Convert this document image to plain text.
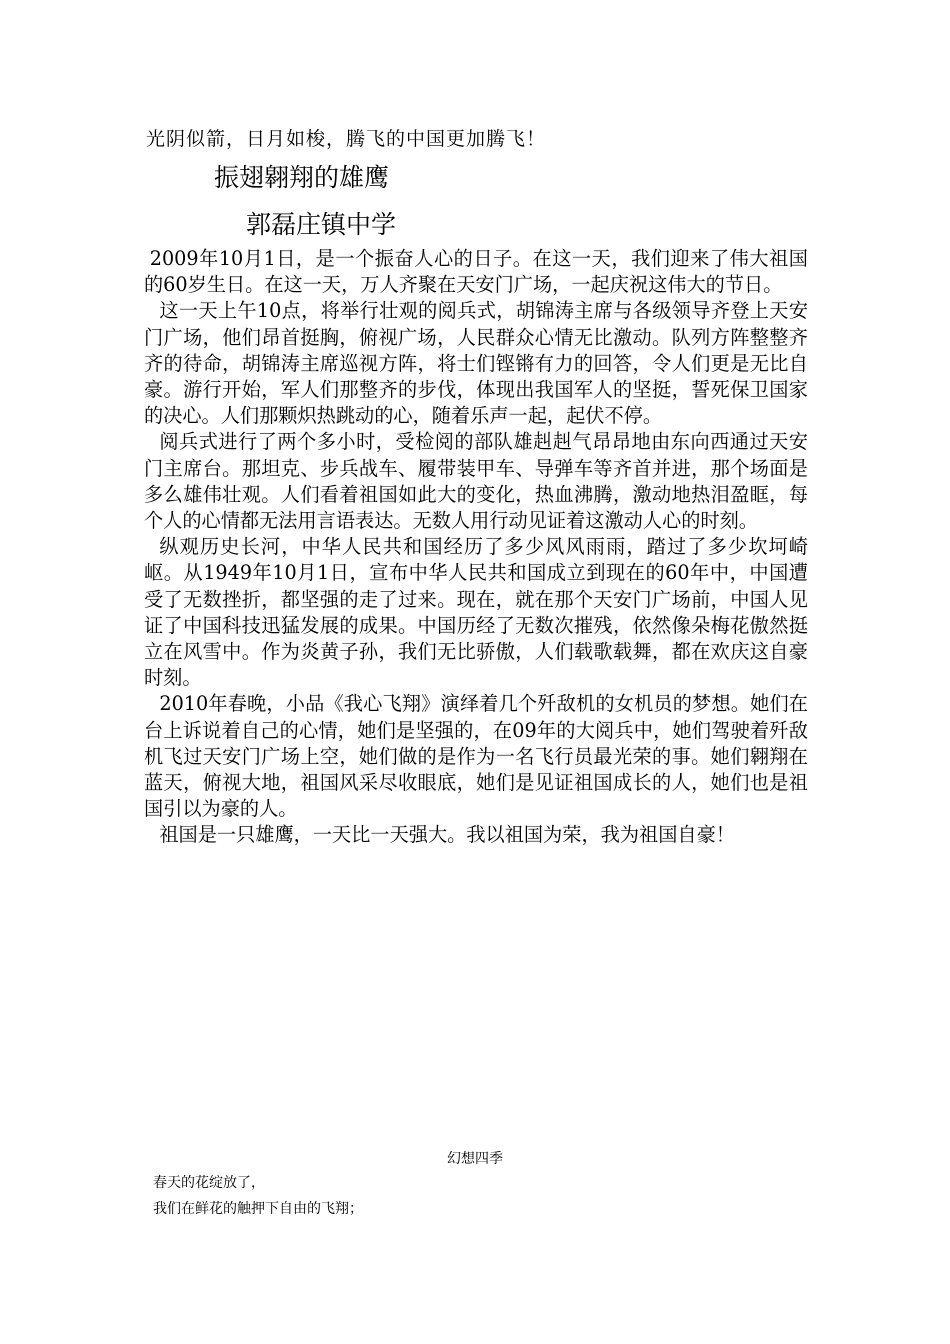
光阴似箭，日月如梭，腾飞的中国更加腾飞！
振翅翱翔的雄鹰
郭磊庄镇中学

2009年10月1日，是一个振奋人心的日子。在这一天，我们迎来了伟大祖国的60岁生日。在这一天，万人齐聚在天安门广场，一起庆祝这伟大的节日。

这一天上午10点，将举行壮观的阅兵式，胡锦涛主席与各级领导齐登上天安门广场，他们昂首挺胸，俯视广场，人民群众心情无比激动。队列方阵整整齐齐的待命，胡锦涛主席巡视方阵，将士们铿锵有力的回答，令人们更是无比自豪。游行开始，军人们那整齐的步伐，体现出我国军人的坚挺，誓死保卫国家的决心。人们那颗炽热跳动的心，随着乐声一起，起伏不停。

阅兵式进行了两个多小时，受检阅的部队雄赳赳气昂昂地由东向西通过天安门主席台。那坦克、步兵战车、履带装甲车、导弹车等齐首并进，那个场面是多么雄伟壮观。人们看着祖国如此大的变化，热血沸腾，激动地热泪盈眶，每个人的心情都无法用言语表达。无数人用行动见证着这激动人心的时刻。

纵观历史长河，中华人民共和国经历了多少风风雨雨，踏过了多少坎坷崎岖。从1949年10月1日，宣布中华人民共和国成立到现在的60年中，中国遭受了无数挫折，都坚强的走了过来。现在，就在那个天安门广场前，中国人见证了中国科技迅猛发展的成果。中国历经了无数次摧残，依然像朵梅花傲然挺立在风雪中。作为炎黄子孙，我们无比骄傲，人们载歌载舞，都在欢庆这自豪时刻。

2010年春晚，小品《我心飞翔》演绎着几个歼敌机的女机员的梦想。她们在台上诉说着自己的心情，她们是坚强的，在09年的大阅兵中，她们驾驶着歼敌机飞过天安门广场上空，她们做的是作为一名飞行员最光荣的事。她们翱翔在蓝天，俯视大地，祖国风采尽收眼底，她们是见证祖国成长的人，她们也是祖国引以为豪的人。

祖国是一只雄鹰，一天比一天强大。我以祖国为荣，我为祖国自豪！

幻想四季
春天的花绽放了，
我们在鲜花的触押下自由的飞翔；
